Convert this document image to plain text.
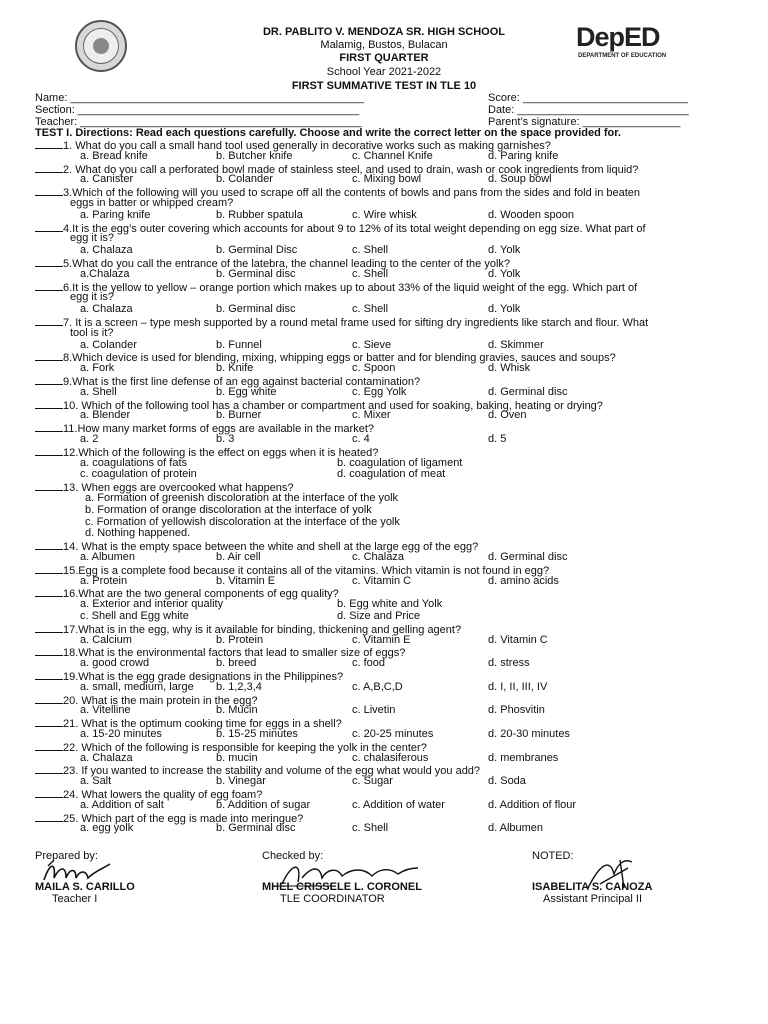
DepED
DEPARTMENT OF EDUCATION
DR. PABLITO V. MENDOZA SR. HIGH SCHOOL
Malamig, Bustos, Bulacan
FIRST QUARTER
School Year 2021-2022
FIRST SUMMATIVE TEST IN TLE 10
Name: ________________________________________________
Section: ______________________________________________
Teacher: ______________________________________________
Score: ___________________________
Date: ____________________________
Parent’s signature: ________________
TEST I. Directions: Read each questions carefully. Choose and write the correct letter on the space provided for.
1. What do you call a small hand tool used generally in decorative works such as making garnishes?
a. Bread knife	b. Butcher knife	c. Channel Knife	d. Paring knife
2. What do you call a perforated bowl made of stainless steel, and used to drain, wash or cook ingredients from liquid?
a. Canister	b. Colander	c. Mixing bowl	d. Soup bowl
3.Which of the following will you used to scrape off all the contents of bowls and pans from the sides and fold in beaten
eggs in batter or whipped cream?
a. Paring knife	b. Rubber spatula	c. Wire whisk	d. Wooden spoon
4.It is the egg’s outer covering which accounts for about 9 to 12% of its total weight depending on egg size. What part of
egg it is?
a. Chalaza	b. Germinal Disc	c. Shell	d. Yolk
5.What do you call the entrance of the latebra, the channel leading to the center of the yolk?
a.Chalaza	b. Germinal disc	c. Shell	d. Yolk
6.It is the yellow to yellow – orange portion which makes up to about 33% of the liquid weight of the egg. Which part of
egg it is?
a. Chalaza	b. Germinal disc	c. Shell	d. Yolk
7. It is a screen – type mesh supported by a round metal frame used for sifting dry ingredients like starch and flour. What
tool is it?
a. Colander	b. Funnel	c. Sieve	d. Skimmer
8.Which device is used for blending, mixing, whipping eggs or batter and for blending gravies, sauces and soups?
a. Fork	b. Knife	c. Spoon	d. Whisk
9.What is the first line defense of an egg against bacterial contamination?
a. Shell	b. Egg white	c. Egg Yolk	d. Germinal disc
10. Which of the following tool has a chamber or compartment and used for soaking, baking, heating or drying?
a. Blender	b. Burner	c. Mixer	d. Oven
11.How many market forms of eggs are available in the market?
a. 2	b. 3	c. 4	d. 5
12.Which of the following is the effect on eggs when it is heated?
a. coagulations of fats	b. coagulation of ligament
c. coagulation of protein	d. coagulation of meat
13. When eggs are overcooked what happens?
a. Formation of greenish discoloration at the interface of the yolk
b. Formation of orange discoloration at the interface of yolk
c. Formation of yellowish discoloration at the interface of the yolk
d. Nothing happened.
14. What is the empty space between the white and shell at the large egg of the egg?
a. Albumen	b. Air cell	c. Chalaza	d. Germinal disc
15.Egg is a complete food because it contains all of the vitamins. Which vitamin is not found in egg?
a. Protein	b. Vitamin E	c. Vitamin C	d. amino acids
16.What are the two general components of egg quality?
a. Exterior and interior quality	b. Egg white and Yolk
c. Shell and Egg white	d. Size and Price
17.What is in the egg, why is it available for binding, thickening and gelling agent?
a. Calcium	b. Protein	c. Vitamin E	d. Vitamin C
18.What is the environmental factors that lead to smaller size of eggs?
a. good crowd	b. breed	c. food	d. stress
19.What is the egg grade designations in the Philippines?
a. small, medium, large b. 1,2,3,4	c. A,B,C,D	d. I, II, III, IV
20. What is the main protein in the egg?
a. Vitelline	b. Mucin	c. Livetin	d. Phosvitin
21. What is the optimum cooking time for eggs in a shell?
a. 15-20 minutes	b. 15-25 minutes	c. 20-25 minutes	d. 20-30 minutes
22. Which of the following is responsible for keeping the yolk in the center?
a. Chalaza	b. mucin	c. chalasiferous	d. membranes
23. If you wanted to increase the stability and volume of the egg what would you add?
a. Salt	b. Vinegar	c. Sugar	d. Soda
24. What lowers the quality of egg foam?
a. Addition of salt	b. Addition of sugar	c. Addition of water	d. Addition of flour
25. Which part of the egg is made into meringue?
a. egg yolk	b. Germinal disc	c. Shell	d. Albumen
Prepared by:
MAILA S. CARILLO
Teacher I
Checked by:
MHEL CRISSELE L. CORONEL
TLE COORDINATOR
NOTED:
ISABELITA S. CANOZA
Assistant Principal II
